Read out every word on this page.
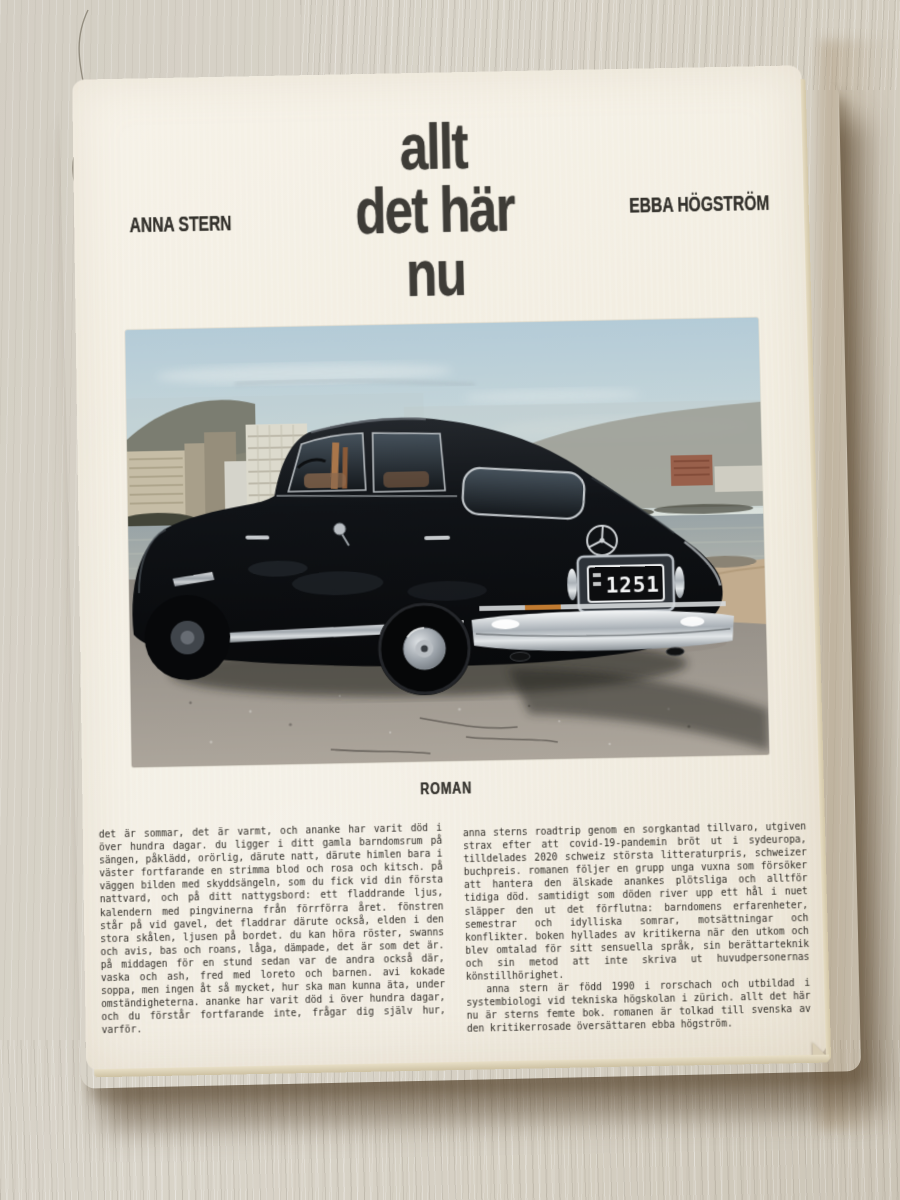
ANNA STERN
EBBA HÖGSTRÖM
allt
det här
nu
1251
ROMAN

det är sommar, det är varmt, och ananke har varit död i över hundra dagar. du ligger i ditt gamla barndomsrum på sängen, påklädd, orörlig, därute natt, därute himlen bara i väster fortfarande en strimma blod och rosa och kitsch. på väggen bilden med skyddsängeln, som du fick vid din första nattvard, och på ditt nattygsbord: ett fladdrande ljus, kalendern med pingvinerna från förrförra året. fönstren står på vid gavel, det fladdrar därute också, elden i den stora skålen, ljusen på bordet. du kan höra röster, swanns och avis, bas och roans, låga, dämpade, det är som det är. på middagen för en stund sedan var de andra också där, vaska och ash, fred med loreto och barnen. avi kokade soppa, men ingen åt så mycket, hur ska man kunna äta, under omständigheterna. ananke har varit död i över hundra dagar, och du förstår fortfarande inte, frågar dig själv hur, varför.

anna sterns roadtrip genom en sorgkantad tillvaro, utgiven strax efter att covid-19-pandemin bröt ut i sydeuropa, tilldelades 2020 schweiz största litteraturpris, schweizer buchpreis. romanen följer en grupp unga vuxna som försöker att hantera den älskade anankes plötsliga och alltför tidiga död. samtidigt som döden river upp ett hål i nuet släpper den ut det förflutna: barndomens erfarenheter, semestrar och idylliska somrar, motsättningar och konflikter. boken hyllades av kritikerna när den utkom och blev omtalad för sitt sensuella språk, sin berättarteknik och sin metod att inte skriva ut huvudpersonernas könstillhörighet.

anna stern är född 1990 i rorschach och utbildad i systembiologi vid tekniska högskolan i zürich. allt det här nu är sterns femte bok. romanen är tolkad till svenska av den kritikerrosade översättaren ebba högström.
